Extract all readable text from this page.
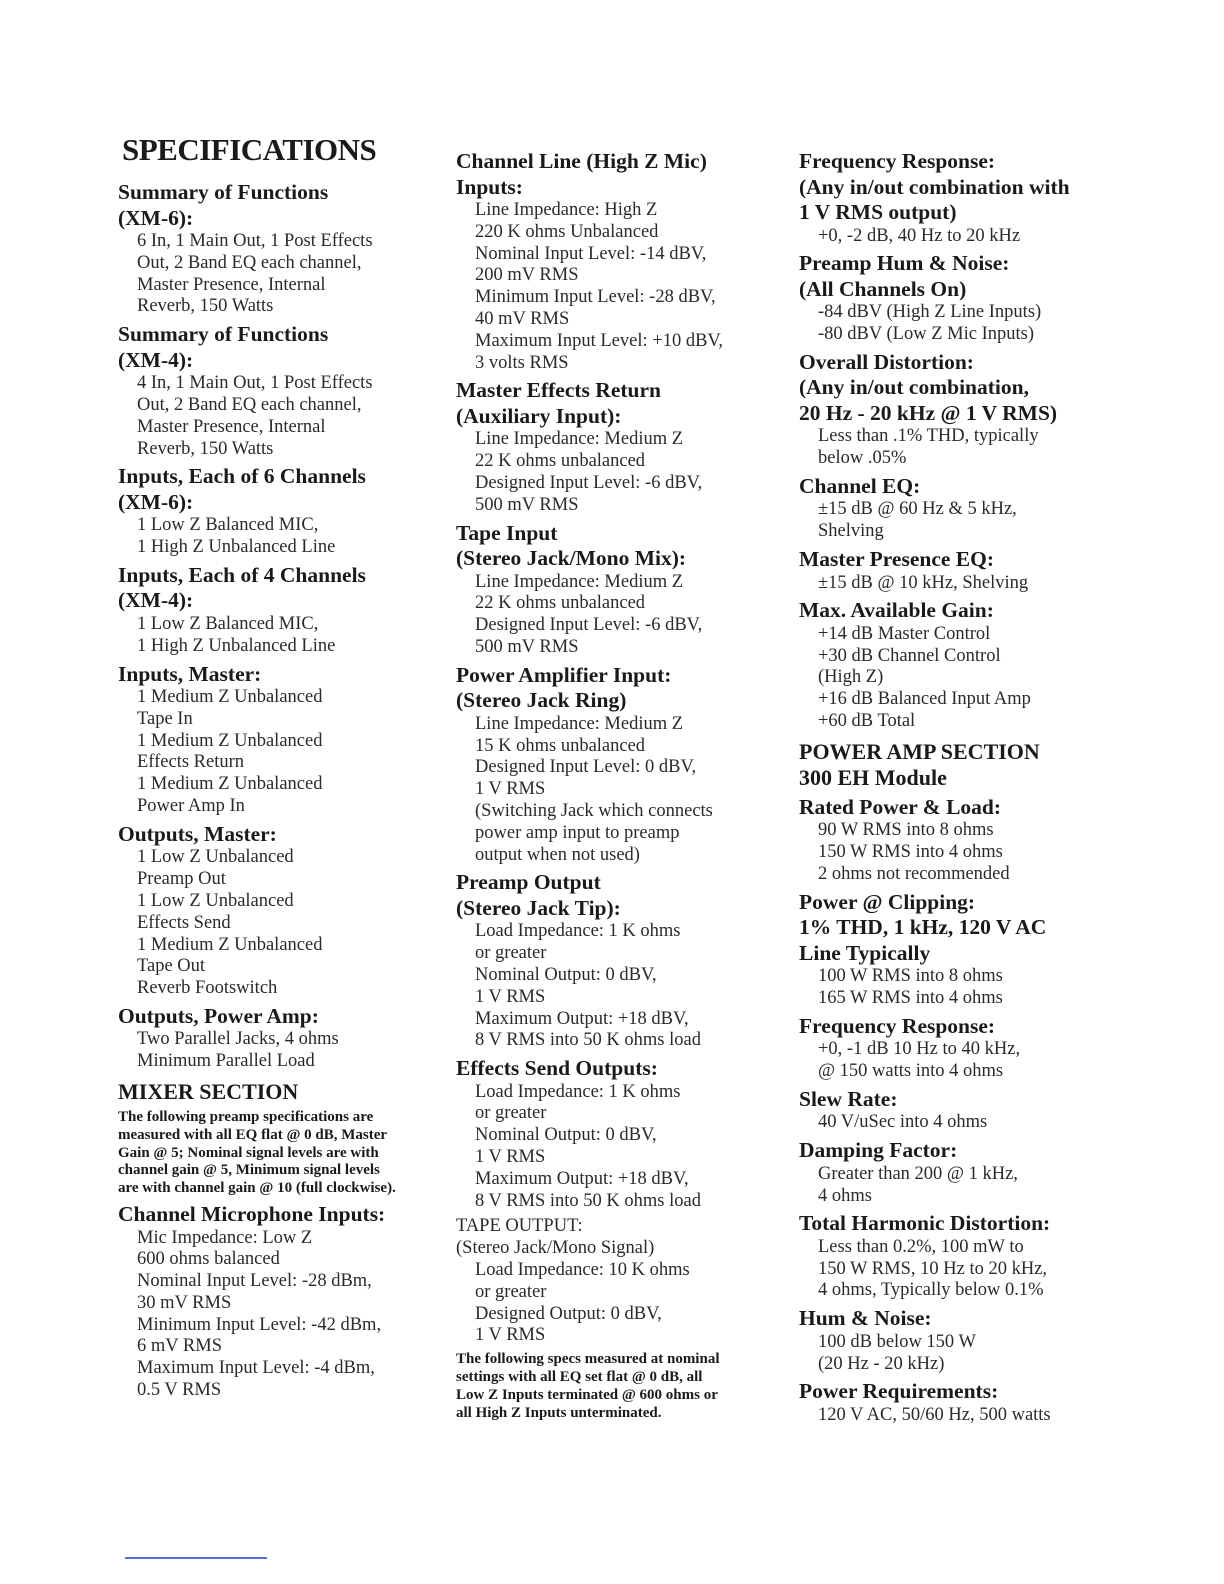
SPECIFICATIONS
Summary of Functions
(XM-6):
6 In, 1 Main Out, 1 Post Effects
Out, 2 Band EQ each channel,
Master Presence, Internal
Reverb, 150 Watts
Summary of Functions
(XM-4):
4 In, 1 Main Out, 1 Post Effects
Out, 2 Band EQ each channel,
Master Presence, Internal
Reverb, 150 Watts
Inputs, Each of 6 Channels
(XM-6):
1 Low Z Balanced MIC,
1 High Z Unbalanced Line
Inputs, Each of 4 Channels
(XM-4):
1 Low Z Balanced MIC,
1 High Z Unbalanced Line
Inputs, Master:
1 Medium Z Unbalanced
Tape In
1 Medium Z Unbalanced
Effects Return
1 Medium Z Unbalanced
Power Amp In
Outputs, Master:
1 Low Z Unbalanced
Preamp Out
1 Low Z Unbalanced
Effects Send
1 Medium Z Unbalanced
Tape Out
Reverb Footswitch
Outputs, Power Amp:
Two Parallel Jacks, 4 ohms
Minimum Parallel Load
MIXER SECTION

The following preamp specifications are
measured with all EQ flat @ 0 dB, Master
Gain @ 5; Nominal signal levels are with
channel gain @ 5, Minimum signal levels
are with channel gain @ 10 (full clockwise).

Channel Microphone Inputs:
Mic Impedance: Low Z
600 ohms balanced
Nominal Input Level: -28 dBm,
30 mV RMS
Minimum Input Level: -42 dBm,
6 mV RMS
Maximum Input Level: -4 dBm,
0.5 V RMS
Channel Line (High Z Mic)
Inputs:
Line Impedance: High Z
220 K ohms Unbalanced
Nominal Input Level: -14 dBV,
200 mV RMS
Minimum Input Level: -28 dBV,
40 mV RMS
Maximum Input Level: +10 dBV,
3 volts RMS
Master Effects Return
(Auxiliary Input):
Line Impedance: Medium Z
22 K ohms unbalanced
Designed Input Level: -6 dBV,
500 mV RMS
Tape Input
(Stereo Jack/Mono Mix):
Line Impedance: Medium Z
22 K ohms unbalanced
Designed Input Level: -6 dBV,
500 mV RMS
Power Amplifier Input:
(Stereo Jack Ring)
Line Impedance: Medium Z
15 K ohms unbalanced
Designed Input Level: 0 dBV,
1 V RMS
(Switching Jack which connects
power amp input to preamp
output when not used)
Preamp Output
(Stereo Jack Tip):
Load Impedance: 1 K ohms
or greater
Nominal Output: 0 dBV,
1 V RMS
Maximum Output: +18 dBV,
8 V RMS into 50 K ohms load
Effects Send Outputs:
Load Impedance: 1 K ohms
or greater
Nominal Output: 0 dBV,
1 V RMS
Maximum Output: +18 dBV,
8 V RMS into 50 K ohms load
TAPE OUTPUT:
(Stereo Jack/Mono Signal)
Load Impedance: 10 K ohms
or greater
Designed Output: 0 dBV,
1 V RMS

The following specs measured at nominal
settings with all EQ set flat @ 0 dB, all
Low Z Inputs terminated @ 600 ohms or
all High Z Inputs unterminated.

Frequency Response:
(Any in/out combination with
1 V RMS output)
+0, -2 dB, 40 Hz to 20 kHz
Preamp Hum & Noise:
(All Channels On)
-84 dBV (High Z Line Inputs)
-80 dBV (Low Z Mic Inputs)
Overall Distortion:
(Any in/out combination,
20 Hz - 20 kHz @ 1 V RMS)
Less than .1% THD, typically
below .05%
Channel EQ:
±15 dB @ 60 Hz & 5 kHz,
Shelving
Master Presence EQ:
±15 dB @ 10 kHz, Shelving
Max. Available Gain:
+14 dB Master Control
+30 dB Channel Control
(High Z)
+16 dB Balanced Input Amp
+60 dB Total
POWER AMP SECTION
300 EH Module
Rated Power & Load:
90 W RMS into 8 ohms
150 W RMS into 4 ohms
2 ohms not recommended
Power @ Clipping:
1% THD, 1 kHz, 120 V AC
Line Typically
100 W RMS into 8 ohms
165 W RMS into 4 ohms
Frequency Response:
+0, -1 dB 10 Hz to 40 kHz,
@ 150 watts into 4 ohms
Slew Rate:
40 V/uSec into 4 ohms
Damping Factor:
Greater than 200 @ 1 kHz,
4 ohms
Total Harmonic Distortion:
Less than 0.2%, 100 mW to
150 W RMS, 10 Hz to 20 kHz,
4 ohms, Typically below 0.1%
Hum & Noise:
100 dB below 150 W
(20 Hz - 20 kHz)
Power Requirements:
120 V AC, 50/60 Hz, 500 watts
